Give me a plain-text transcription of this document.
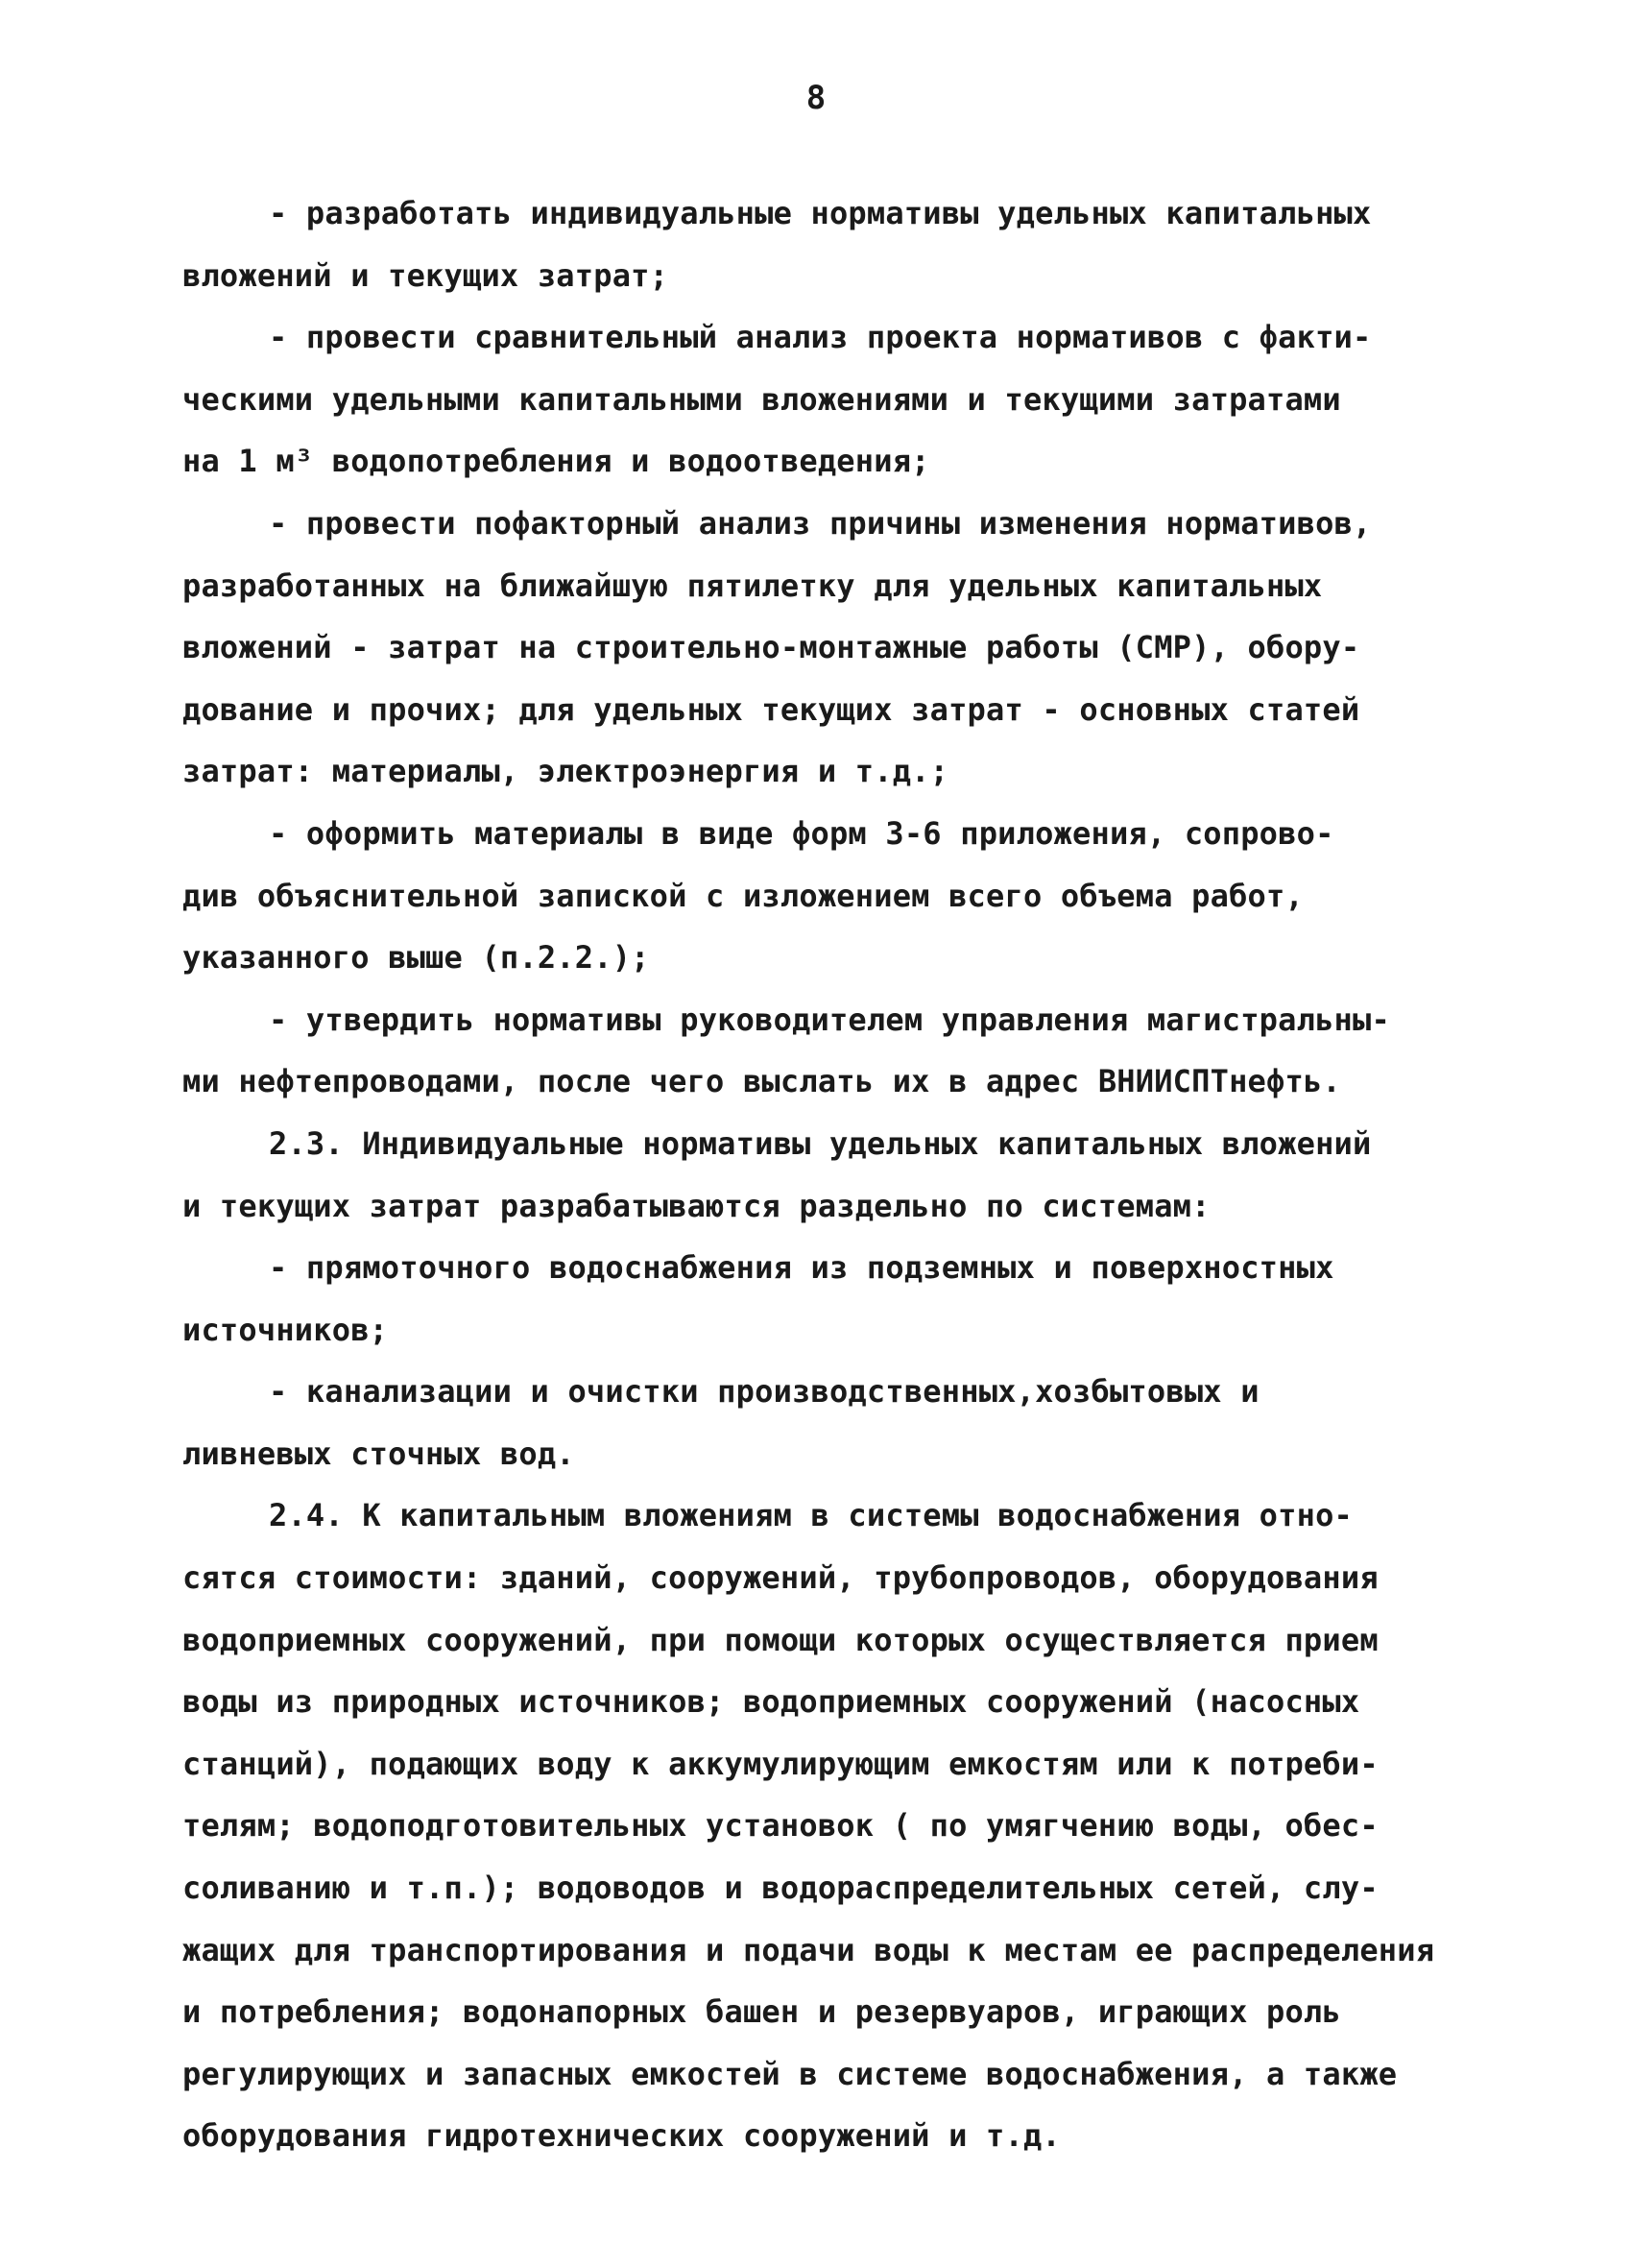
8
- разработать индивидуальные нормативы удельных капитальных
вложений и текущих затрат;
- провести сравнительный анализ проекта нормативов с факти-
ческими удельными капитальными вложениями и текущими затратами
на 1 м³ водопотребления и водоотведения;
- провести пофакторный анализ причины изменения нормативов,
разработанных на ближайшую пятилетку для удельных капитальных
вложений - затрат на строительно-монтажные работы (СМР), обору-
дование и прочих; для удельных текущих затрат - основных статей
затрат: материалы, электроэнергия и т.д.;
- оформить материалы в виде форм 3-6 приложения, сопрово-
див объяснительной запиской с изложением всего объема работ,
указанного выше (п.2.2.);
- утвердить нормативы руководителем управления магистральны-
ми нефтепроводами, после чего выслать их в адрес ВНИИСПТнефть.
2.3. Индивидуальные нормативы удельных капитальных вложений
и текущих затрат разрабатываются раздельно по системам:
- прямоточного водоснабжения из подземных и поверхностных
источников;
- канализации и очистки производственных,хозбытовых и
ливневых сточных вод.
2.4. К капитальным вложениям в системы водоснабжения отно-
сятся стоимости: зданий, сооружений, трубопроводов, оборудования
водоприемных сооружений, при помощи которых осуществляется прием
воды из природных источников; водоприемных сооружений (насосных
станций), подающих воду к аккумулирующим емкостям или к потреби-
телям; водоподготовительных установок ( по умягчению воды, обес-
соливанию и т.п.); водоводов и водораспределительных сетей, слу-
жащих для транспортирования и подачи воды к местам ее распределения
и потребления; водонапорных башен и резервуаров, играющих роль
регулирующих и запасных емкостей в системе водоснабжения, а также
оборудования гидротехнических сооружений и т.д.
